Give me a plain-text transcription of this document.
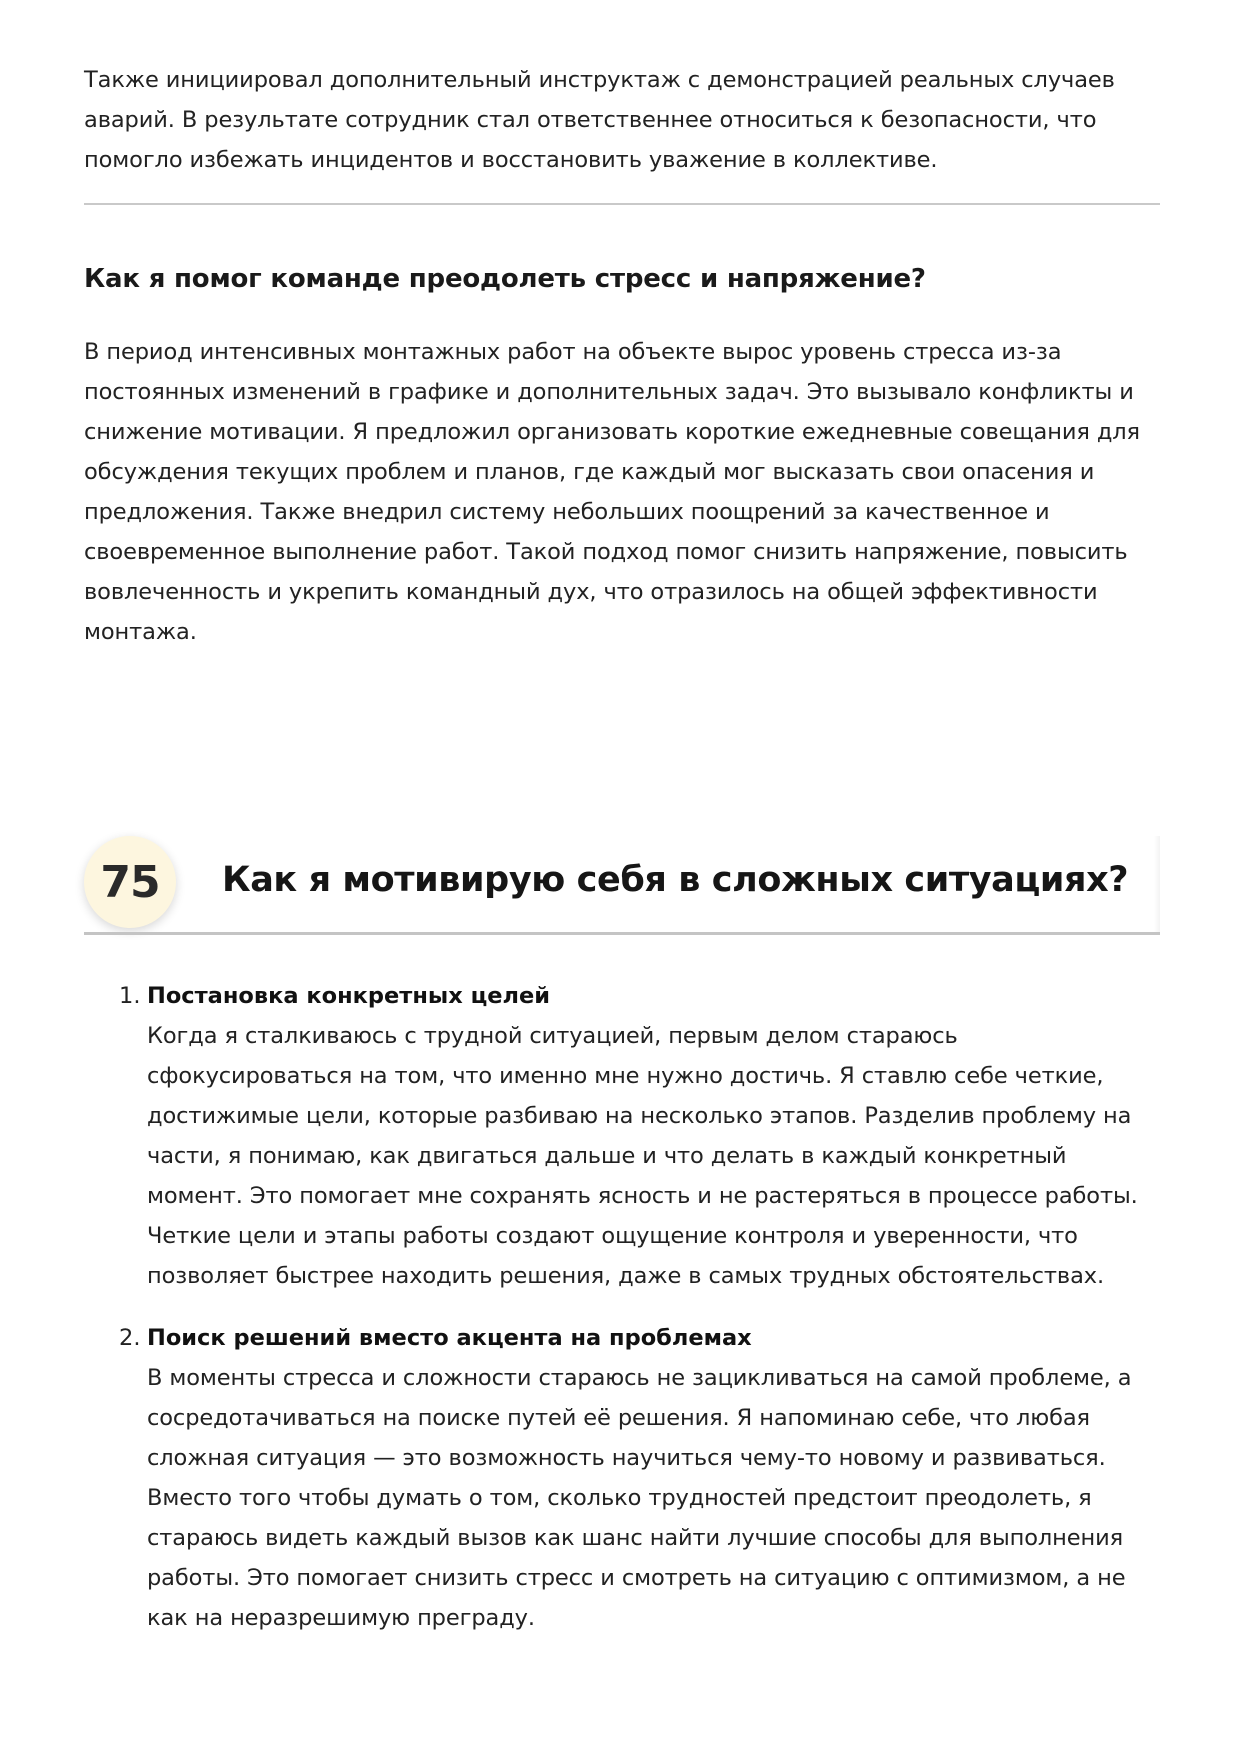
Также инициировал дополнительный инструктаж с демонстрацией реальных случаев аварий. В результате сотрудник стал ответственнее относиться к безопасности, что помогло избежать инцидентов и восстановить уважение в коллективе.

Как я помог команде преодолеть стресс и напряжение?

В период интенсивных монтажных работ на объекте вырос уровень стресса из-за постоянных изменений в графике и дополнительных задач. Это вызывало конфликты и снижение мотивации. Я предложил организовать короткие ежедневные совещания для обсуждения текущих проблем и планов, где каждый мог высказать свои опасения и предложения. Также внедрил систему небольших поощрений за качественное и своевременное выполнение работ. Такой подход помог снизить напряжение, повысить вовлеченность и укрепить командный дух, что отразилось на общей эффективности монтажа.

75 Как я мотивирую себя в сложных ситуациях?
1. Постановка конкретных целей

Когда я сталкиваюсь с трудной ситуацией, первым делом стараюсь сфокусироваться на том, что именно мне нужно достичь. Я ставлю себе четкие, достижимые цели, которые разбиваю на несколько этапов. Разделив проблему на части, я понимаю, как двигаться дальше и что делать в каждый конкретный момент. Это помогает мне сохранять ясность и не растеряться в процессе работы. Четкие цели и этапы работы создают ощущение контроля и уверенности, что позволяет быстрее находить решения, даже в самых трудных обстоятельствах.

2. Поиск решений вместо акцента на проблемах

В моменты стресса и сложности стараюсь не зацикливаться на самой проблеме, а сосредотачиваться на поиске путей её решения. Я напоминаю себе, что любая сложная ситуация — это возможность научиться чему-то новому и развиваться. Вместо того чтобы думать о том, сколько трудностей предстоит преодолеть, я стараюсь видеть каждый вызов как шанс найти лучшие способы для выполнения работы. Это помогает снизить стресс и смотреть на ситуацию с оптимизмом, а не как на неразрешимую преграду.
